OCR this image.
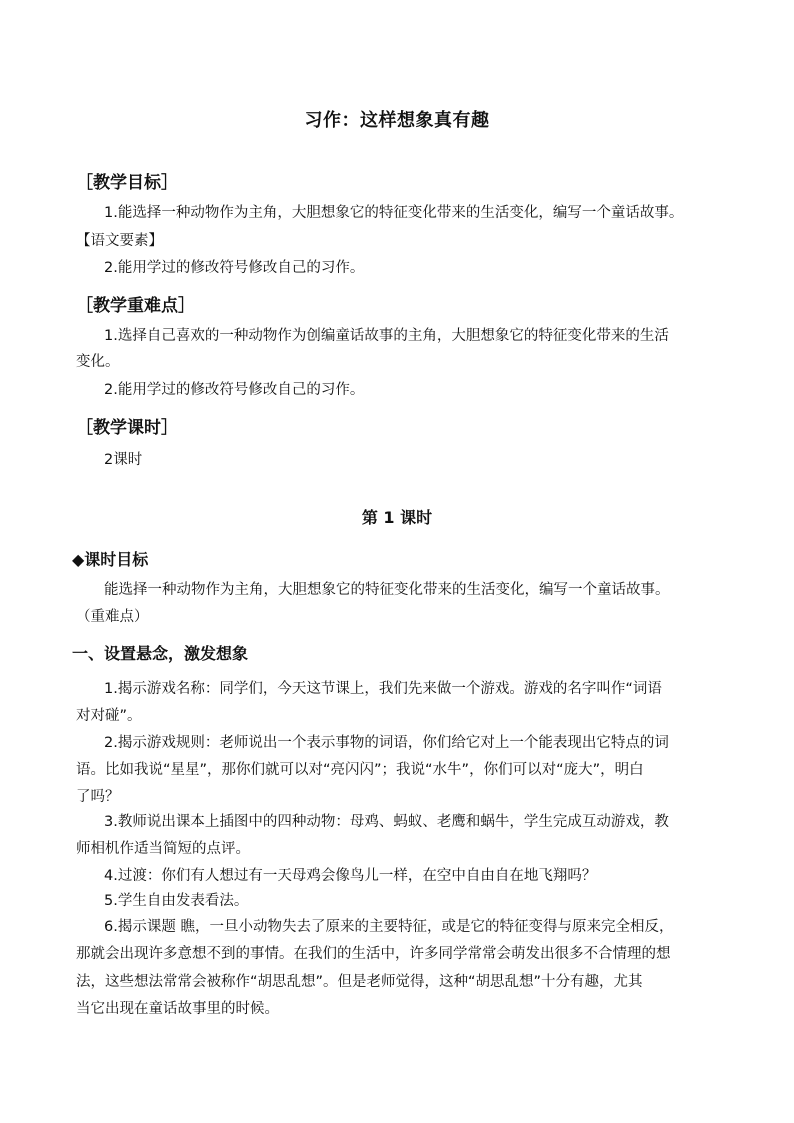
习作：这样想象真有趣
［教学目标］
1.能选择一种动物作为主角，大胆想象它的特征变化带来的生活变化，编写一个童话故事。
【语文要素】
2.能用学过的修改符号修改自己的习作。
［教学重难点］
1.选择自己喜欢的一种动物作为创编童话故事的主角，大胆想象它的特征变化带来的生活
变化。
2.能用学过的修改符号修改自己的习作。
［教学课时］
2课时
第 1 课时
◆课时目标
能选择一种动物作为主角，大胆想象它的特征变化带来的生活变化，编写一个童话故事。
（重难点）
一、设置悬念，激发想象
1.揭示游戏名称：同学们，今天这节课上，我们先来做一个游戏。游戏的名字叫作“词语
对对碰”。
2.揭示游戏规则：老师说出一个表示事物的词语，你们给它对上一个能表现出它特点的词
语。比如我说“星星”，那你们就可以对“亮闪闪”；我说“水牛”，你们可以对“庞大”，明白
了吗？
3.教师说出课本上插图中的四种动物：母鸡、蚂蚁、老鹰和蜗牛，学生完成互动游戏，教
师相机作适当简短的点评。
4.过渡：你们有人想过有一天母鸡会像鸟儿一样，在空中自由自在地飞翔吗？
5.学生自由发表看法。
6.揭示课题 瞧，一旦小动物失去了原来的主要特征，或是它的特征变得与原来完全相反，
那就会出现许多意想不到的事情。在我们的生活中，许多同学常常会萌发出很多不合情理的想
法，这些想法常常会被称作“胡思乱想”。但是老师觉得，这种“胡思乱想”十分有趣，尤其
当它出现在童话故事里的时候。
